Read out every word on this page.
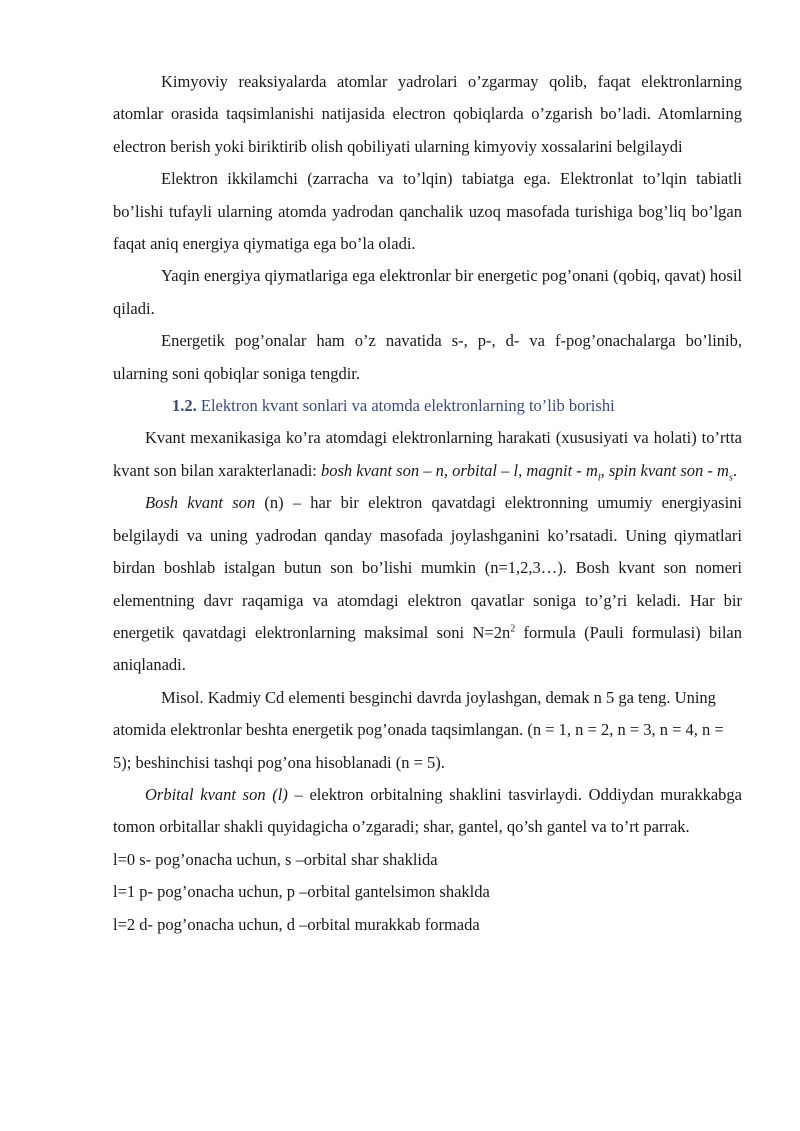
Kimyoviy reaksiyalarda atomlar yadrolari o’zgarmay qolib, faqat elektronlarning atomlar orasida taqsimlanishi natijasida electron qobiqlarda o’zgarish bo’ladi. Atomlarning electron berish yoki biriktirib olish qobiliyati ularning kimyoviy xossalarini belgilaydi

Elektron ikkilamchi (zarracha va to’lqin) tabiatga ega. Elektronlat to’lqin tabiatli bo’lishi tufayli ularning atomda yadrodan qanchalik uzoq masofada turishiga bog’liq bo’lgan faqat aniq energiya qiymatiga ega bo’la oladi.

Yaqin energiya qiymatlariga ega elektronlar bir energetic pog’onani (qobiq, qavat) hosil qiladi.

Energetik pog’onalar ham o’z navatida s-, p-, d- va f-pog’onachalarga bo’linib, ularning soni qobiqlar soniga tengdir.

1.2. Elektron kvant sonlari va atomda elektronlarning to’lib borishi

Kvant mexanikasiga ko’ra atomdagi elektronlarning harakati (xususiyati va holati) to’rtta kvant son bilan xarakterlanadi: bosh kvant son – n, orbital – l, magnit - $m_l$, spin kvant son - $m_s$.

Bosh kvant son (n) – har bir elektron qavatdagi elektronning umumiy energiyasini belgilaydi va uning yadrodan qanday masofada joylashganini ko’rsatadi. Uning qiymatlari birdan boshlab istalgan butun son bo’lishi mumkin (n=1,2,3…). Bosh kvant son nomeri elementning davr raqamiga va atomdagi elektron qavatlar soniga to’g’ri keladi. Har bir energetik qavatdagi elektronlarning maksimal soni $N=2n^2$ formula (Pauli formulasi) bilan aniqlanadi.

Misol. Kadmiy Cd elementi besginchi davrda joylashgan, demak n 5 ga teng. Uning atomida elektronlar beshta energetik pog’onada taqsimlangan. (n = 1, n = 2, n = 3, n = 4, n = 5); beshinchisi tashqi pog’ona hisoblanadi (n = 5).

Orbital kvant son (l) – elektron orbitalning shaklini tasvirlaydi. Oddiydan murakkabga tomon orbitallar shakli quyidagicha o’zgaradi; shar, gantel, qo’sh gantel va to’rt parrak.

l=0 s- pog’onacha uchun, s –orbital shar shaklida

l=1 p- pog’onacha uchun, p –orbital gantelsimon shaklda

l=2 d- pog’onacha uchun, d –orbital murakkab formada
